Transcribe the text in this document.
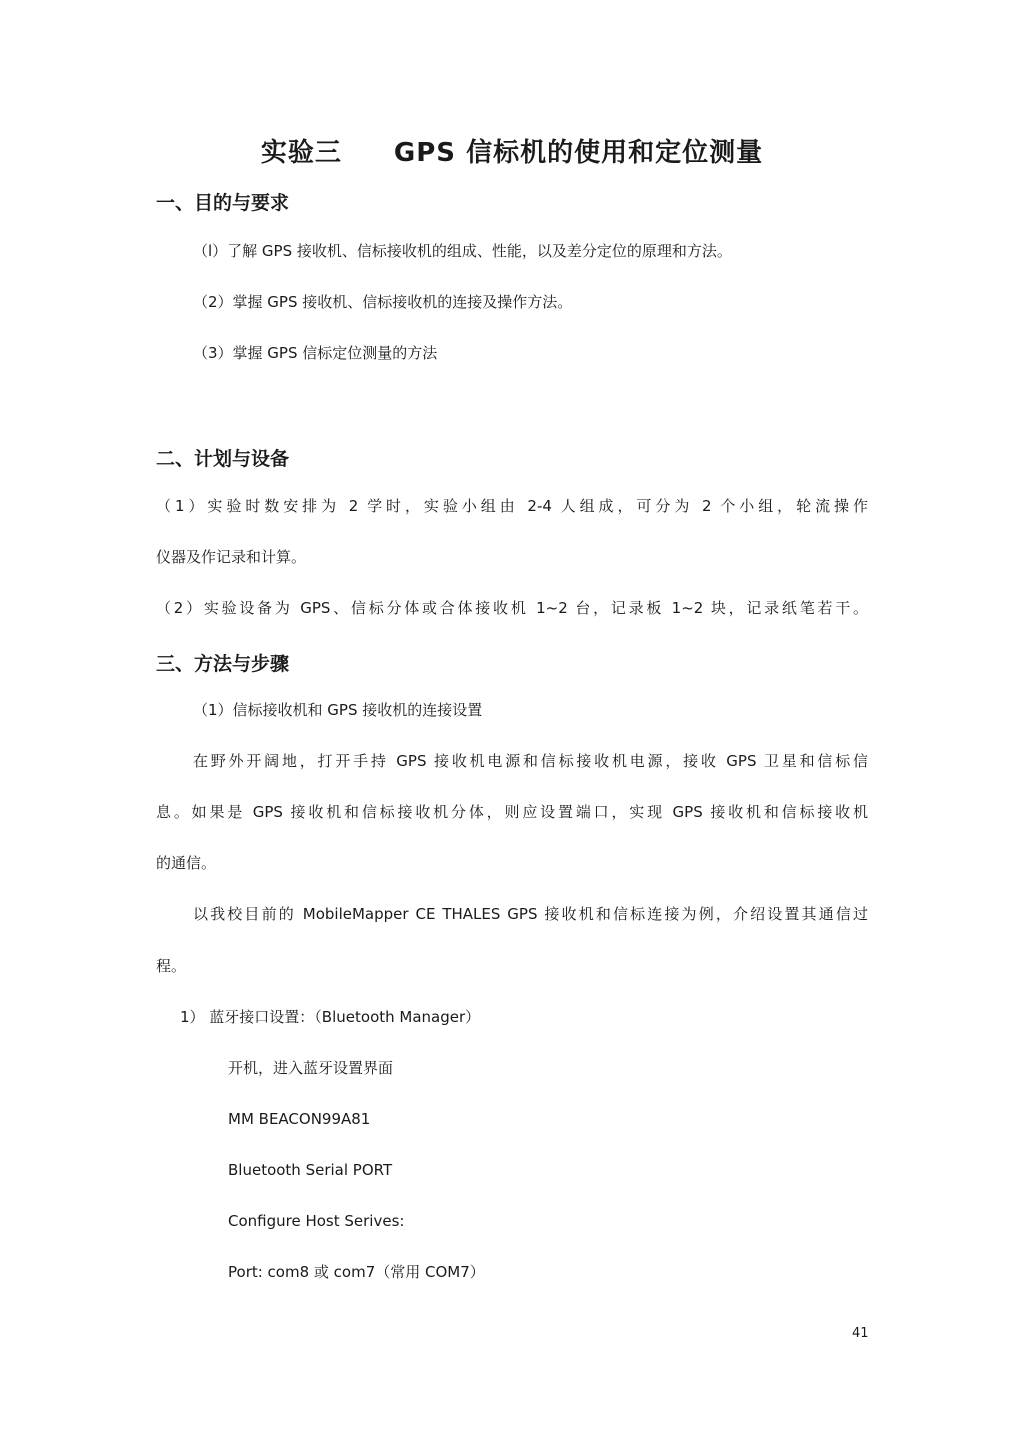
实验三 GPS 信标机的使用和定位测量
一、目的与要求
（l）了解 GPS 接收机、信标接收机的组成、性能，以及差分定位的原理和方法。
（2）掌握 GPS 接收机、信标接收机的连接及操作方法。
（3）掌握 GPS 信标定位测量的方法
二、计划与设备
（1）实验时数安排为 2 学时，实验小组由 2-4 人组成，可分为 2 个小组，轮流操作
仪器及作记录和计算。
（2）实验设备为 GPS、信标分体或合体接收机 1~2 台，记录板 1~2 块，记录纸笔若干。
三、方法与步骤
（1）信标接收机和 GPS 接收机的连接设置
在野外开阔地，打开手持 GPS 接收机电源和信标接收机电源，接收 GPS 卫星和信标信
息。如果是 GPS 接收机和信标接收机分体，则应设置端口，实现 GPS 接收机和信标接收机
的通信。
以我校目前的 MobileMapper CE THALES GPS 接收机和信标连接为例，介绍设置其通信过
程。
1） 蓝牙接口设置：（Bluetooth Manager）
开机，进入蓝牙设置界面
MM BEACON99A81
Bluetooth Serial PORT
Configure Host Serives:
Port: com8 或 com7（常用 COM7）
41
